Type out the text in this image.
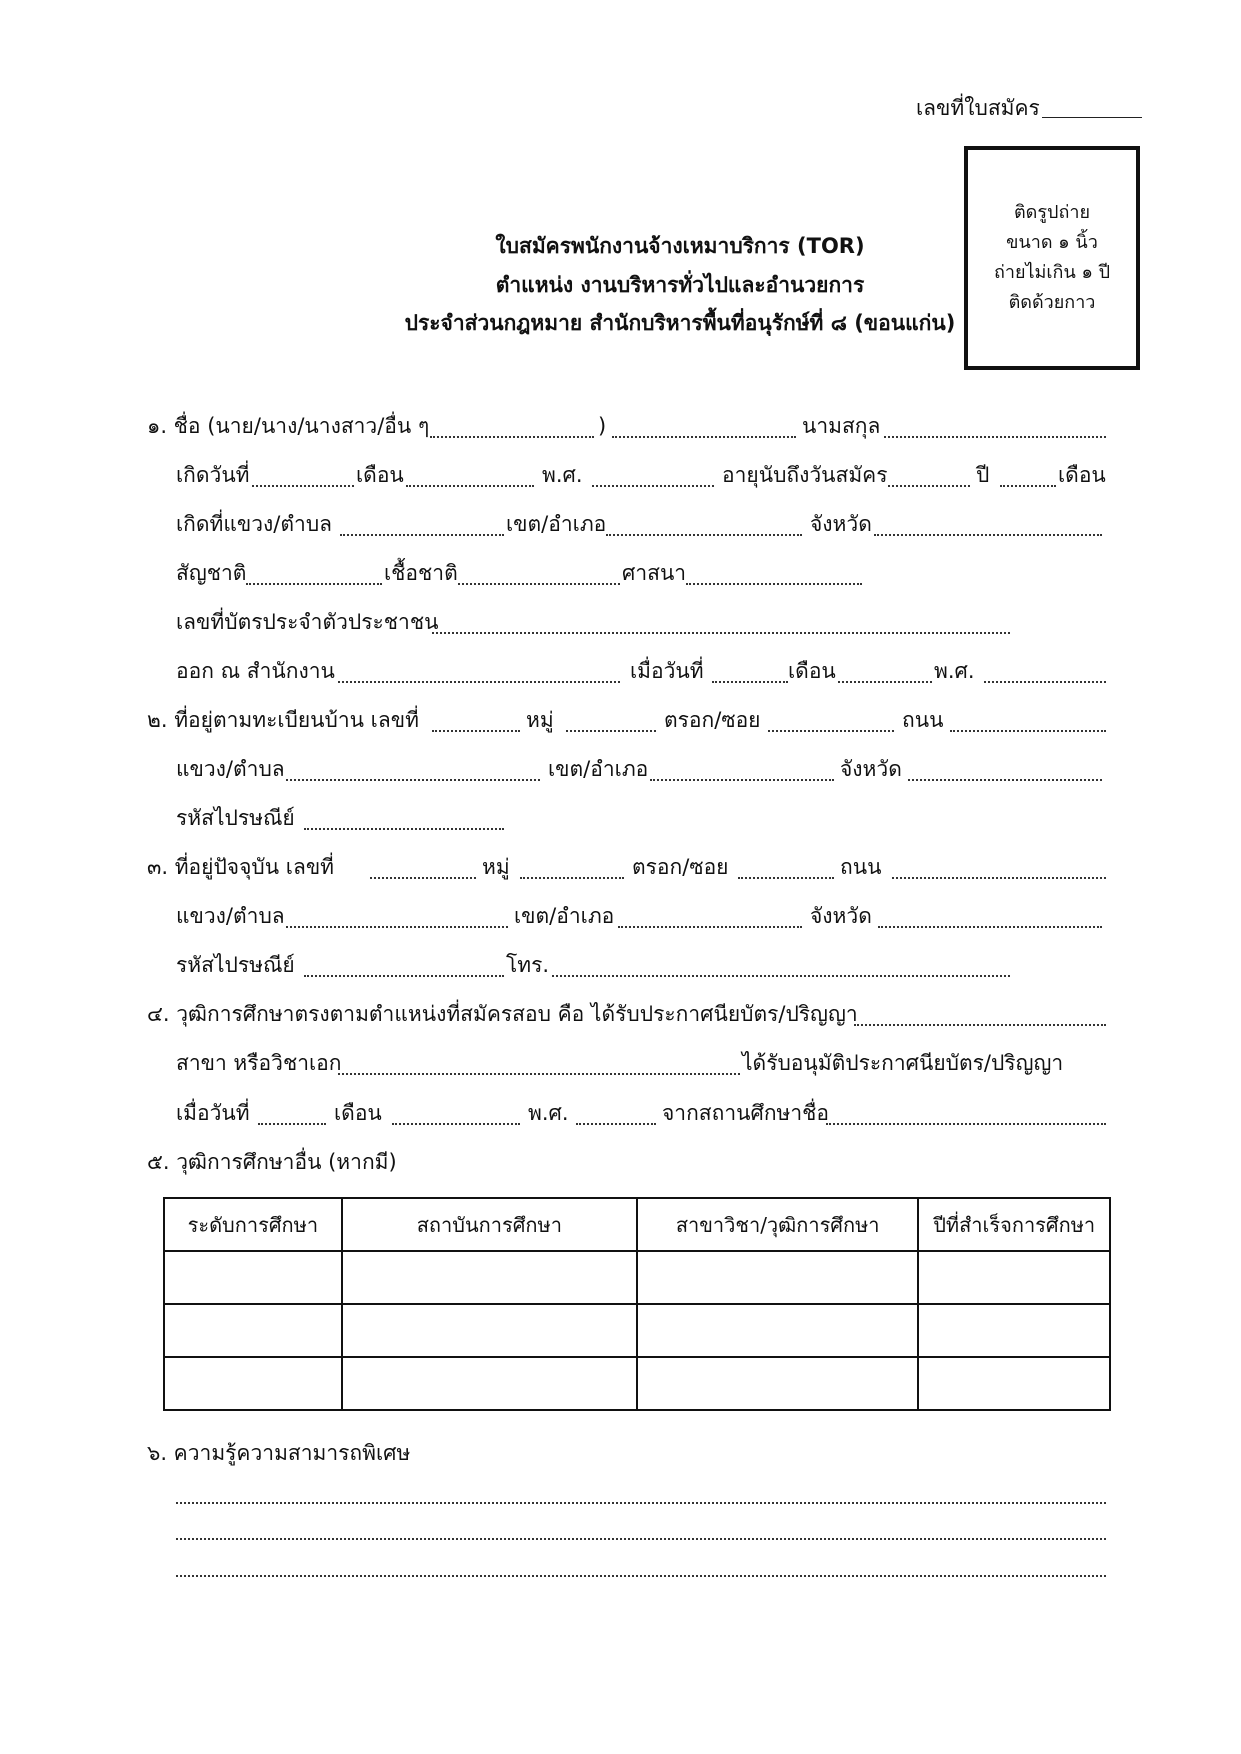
เลขที่ใบสมัคร
ติดรูปถ่าย
ขนาด ๑ นิ้ว
ถ่ายไม่เกิน ๑ ปี
ติดด้วยกาว
ใบสมัครพนักงานจ้างเหมาบริการ (TOR)
ตำแหน่ง งานบริหารทั่วไปและอำนวยการ
ประจำส่วนกฎหมาย สำนักบริหารพื้นที่อนุรักษ์ที่ ๘ (ขอนแก่น)
๑. ชื่อ (นาย/นาง/นางสาว/อื่น ๆ	)	นามสกุล
เกิดวันที่	เดือน	พ.ศ.	อายุนับถึงวันสมัคร	ปี	เดือน
เกิดที่แขวง/ตำบล	เขต/อำเภอ	จังหวัด
สัญชาติ	เชื้อชาติ	ศาสนา
เลขที่บัตรประจำตัวประชาชน
ออก ณ สำนักงาน	เมื่อวันที่	เดือน	พ.ศ.
๒. ที่อยู่ตามทะเบียนบ้าน เลขที่	หมู่	ตรอก/ซอย	ถนน
แขวง/ตำบล	เขต/อำเภอ	จังหวัด
รหัสไปรษณีย์
๓. ที่อยู่ปัจจุบัน เลขที่	หมู่	ตรอก/ซอย	ถนน
แขวง/ตำบล	เขต/อำเภอ	จังหวัด
รหัสไปรษณีย์	โทร.
๔. วุฒิการศึกษาตรงตามตำแหน่งที่สมัครสอบ คือ ได้รับประกาศนียบัตร/ปริญญา
สาขา หรือวิชาเอก	ได้รับอนุมัติประกาศนียบัตร/ปริญญา
เมื่อวันที่	เดือน	พ.ศ.	จากสถานศึกษาชื่อ
๕. วุฒิการศึกษาอื่น (หากมี)
ระดับการศึกษา	สถาบันการศึกษา	สาขาวิชา/วุฒิการศึกษา	ปีที่สำเร็จการศึกษา

๖. ความรู้ความสามารถพิเศษ
